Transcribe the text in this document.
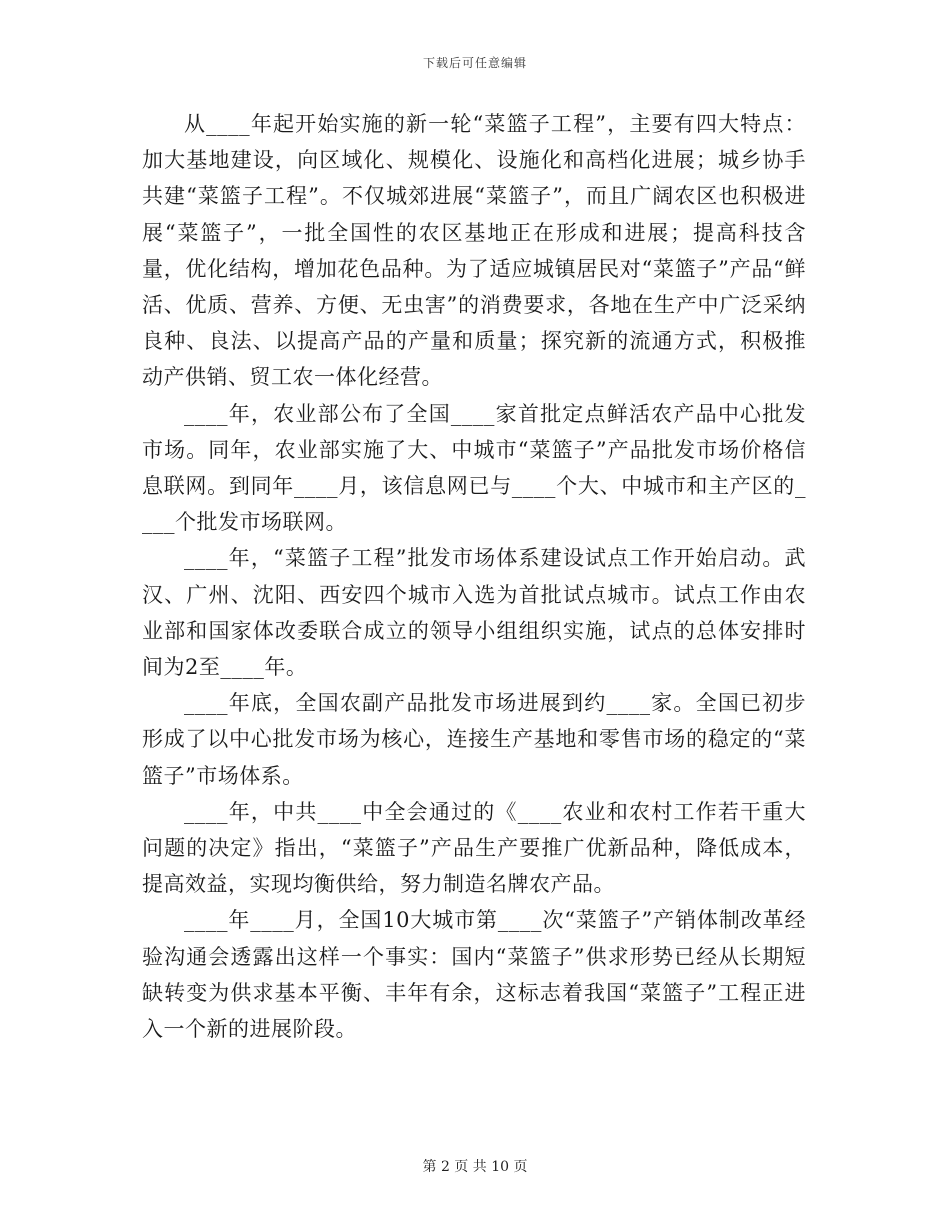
下载后可任意编辑

从____年起开始实施的新一轮“菜篮子工程”，主要有四大特点：加大基地建设，向区域化、规模化、设施化和高档化进展；城乡协手共建“菜篮子工程”。不仅城郊进展“菜篮子”，而且广阔农区也积极进展“菜篮子”，一批全国性的农区基地正在形成和进展；提高科技含量，优化结构，增加花色品种。为了适应城镇居民对“菜篮子”产品“鲜活、优质、营养、方便、无虫害”的消费要求，各地在生产中广泛采纳良种、良法、以提高产品的产量和质量；探究新的流通方式，积极推动产供销、贸工农一体化经营。

____年，农业部公布了全国____家首批定点鲜活农产品中心批发市场。同年，农业部实施了大、中城市“菜篮子”产品批发市场价格信息联网。到同年____月，该信息网已与____个大、中城市和主产区的____个批发市场联网。

____年，“菜篮子工程”批发市场体系建设试点工作开始启动。武汉、广州、沈阳、西安四个城市入选为首批试点城市。试点工作由农业部和国家体改委联合成立的领导小组组织实施，试点的总体安排时间为2至____年。

____年底，全国农副产品批发市场进展到约____家。全国已初步形成了以中心批发市场为核心，连接生产基地和零售市场的稳定的“菜篮子”市场体系。

____年，中共____中全会通过的《____农业和农村工作若干重大问题的决定》指出，“菜篮子”产品生产要推广优新品种，降低成本，提高效益，实现均衡供给，努力制造名牌农产品。

____年____月，全国10大城市第____次“菜篮子”产销体制改革经验沟通会透露出这样一个事实：国内“菜篮子”供求形势已经从长期短缺转变为供求基本平衡、丰年有余，这标志着我国“菜篮子”工程正进入一个新的进展阶段。

第 2 页 共 10 页
